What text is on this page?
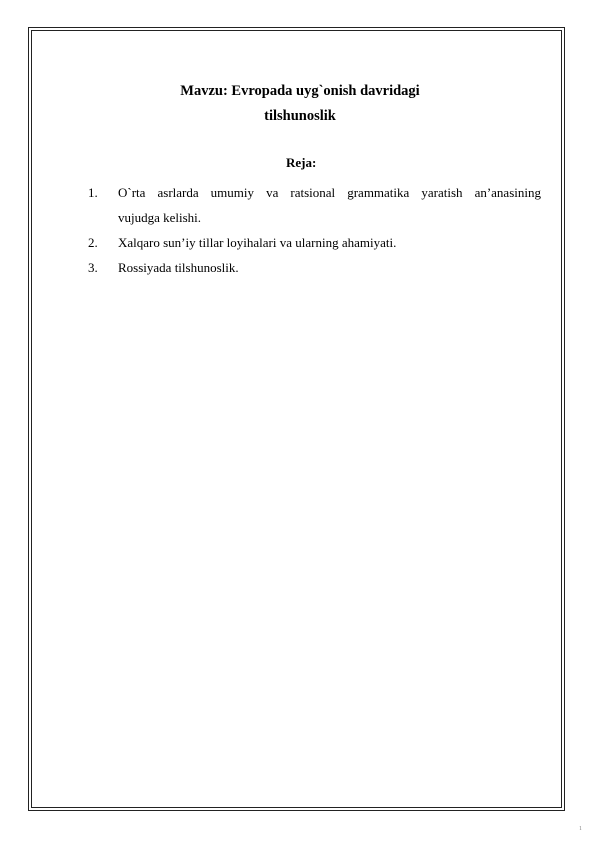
Mavzu: Evropada uyg`onish davridagi
tilshunoslik
Reja:
1. O`rta asrlarda umumiy va ratsional grammatika yaratish an’anasining
vujudga kelishi.
2. Xalqaro sun’iy tillar loyihalari va ularning ahamiyati.
3. Rossiyada tilshunoslik.
1
